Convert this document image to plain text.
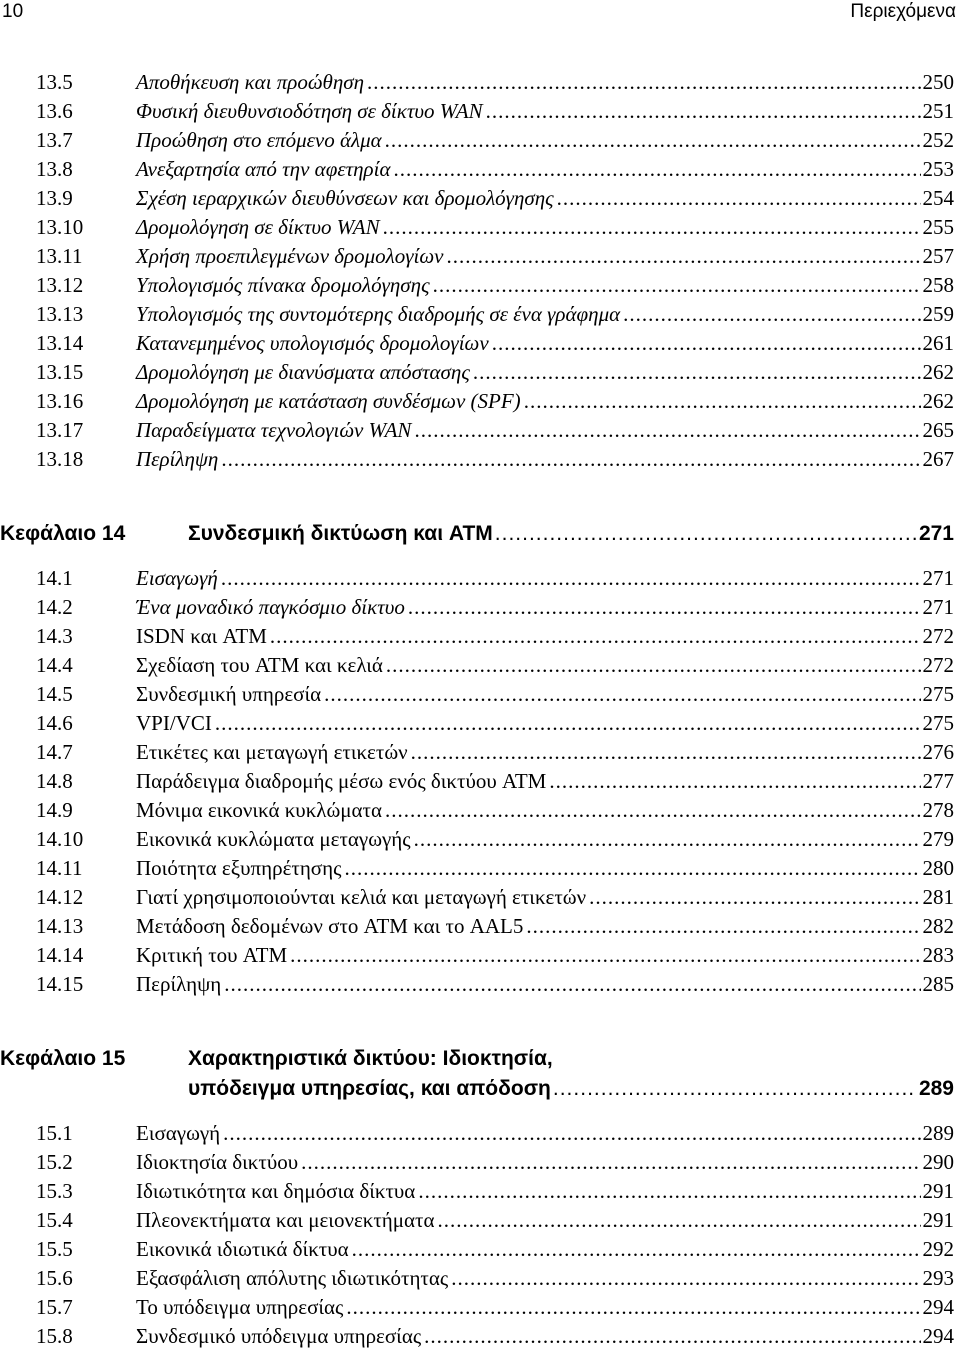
10	Περιεχόμενα
13.5	Αποθήκευση και προώθηση .....	250
13.6	Φυσική διευθυνσιοδότηση σε δίκτυο WAN .....	251
13.7	Προώθηση στο επόμενο άλμα .....	252
13.8	Ανεξαρτησία από την αφετηρία .....	253
13.9	Σχέση ιεραρχικών διευθύνσεων και δρομολόγησης .....	254
13.10	Δρομολόγηση σε δίκτυο WAN .....	255
13.11	Χρήση προεπιλεγμένων δρομολογίων .....	257
13.12	Υπολογισμός πίνακα δρομολόγησης .....	258
13.13	Υπολογισμός της συντομότερης διαδρομής σε ένα γράφημα .....	259
13.14	Κατανεμημένος υπολογισμός δρομολογίων .....	261
13.15	Δρομολόγηση με διανύσματα απόστασης .....	262
13.16	Δρομολόγηση με κατάσταση συνδέσμων (SPF) .....	262
13.17	Παραδείγματα τεχνολογιών WAN .....	265
13.18	Περίληψη .....	267
Κεφάλαιο 14	Συνδεσμική δικτύωση και ATM .....	271
14.1	Εισαγωγή .....	271
14.2	Ένα μοναδικό παγκόσμιο δίκτυο .....	271
14.3	ISDN και ATM .....	272
14.4	Σχεδίαση του ATM και κελιά .....	272
14.5	Συνδεσμική υπηρεσία .....	275
14.6	VPI/VCI .....	275
14.7	Ετικέτες και μεταγωγή ετικετών .....	276
14.8	Παράδειγμα διαδρομής μέσω ενός δικτύου ATM .....	277
14.9	Μόνιμα εικονικά κυκλώματα .....	278
14.10	Εικονικά κυκλώματα μεταγωγής .....	279
14.11	Ποιότητα εξυπηρέτησης .....	280
14.12	Γιατί χρησιμοποιούνται κελιά και μεταγωγή ετικετών .....	281
14.13	Μετάδοση δεδομένων στο ATM και το AAL5 .....	282
14.14	Κριτική του ATM .....	283
14.15	Περίληψη .....	285
Κεφάλαιο 15	Χαρακτηριστικά δικτύου: Ιδιοκτησία,
υπόδειγμα υπηρεσίας, και απόδοση .....	289
15.1	Εισαγωγή .....	289
15.2	Ιδιοκτησία δικτύου .....	290
15.3	Ιδιωτικότητα και δημόσια δίκτυα .....	291
15.4	Πλεονεκτήματα και μειονεκτήματα .....	291
15.5	Εικονικά ιδιωτικά δίκτυα .....	292
15.6	Εξασφάλιση απόλυτης ιδιωτικότητας .....	293
15.7	Το υπόδειγμα υπηρεσίας .....	294
15.8	Συνδεσμικό υπόδειγμα υπηρεσίας .....	294
